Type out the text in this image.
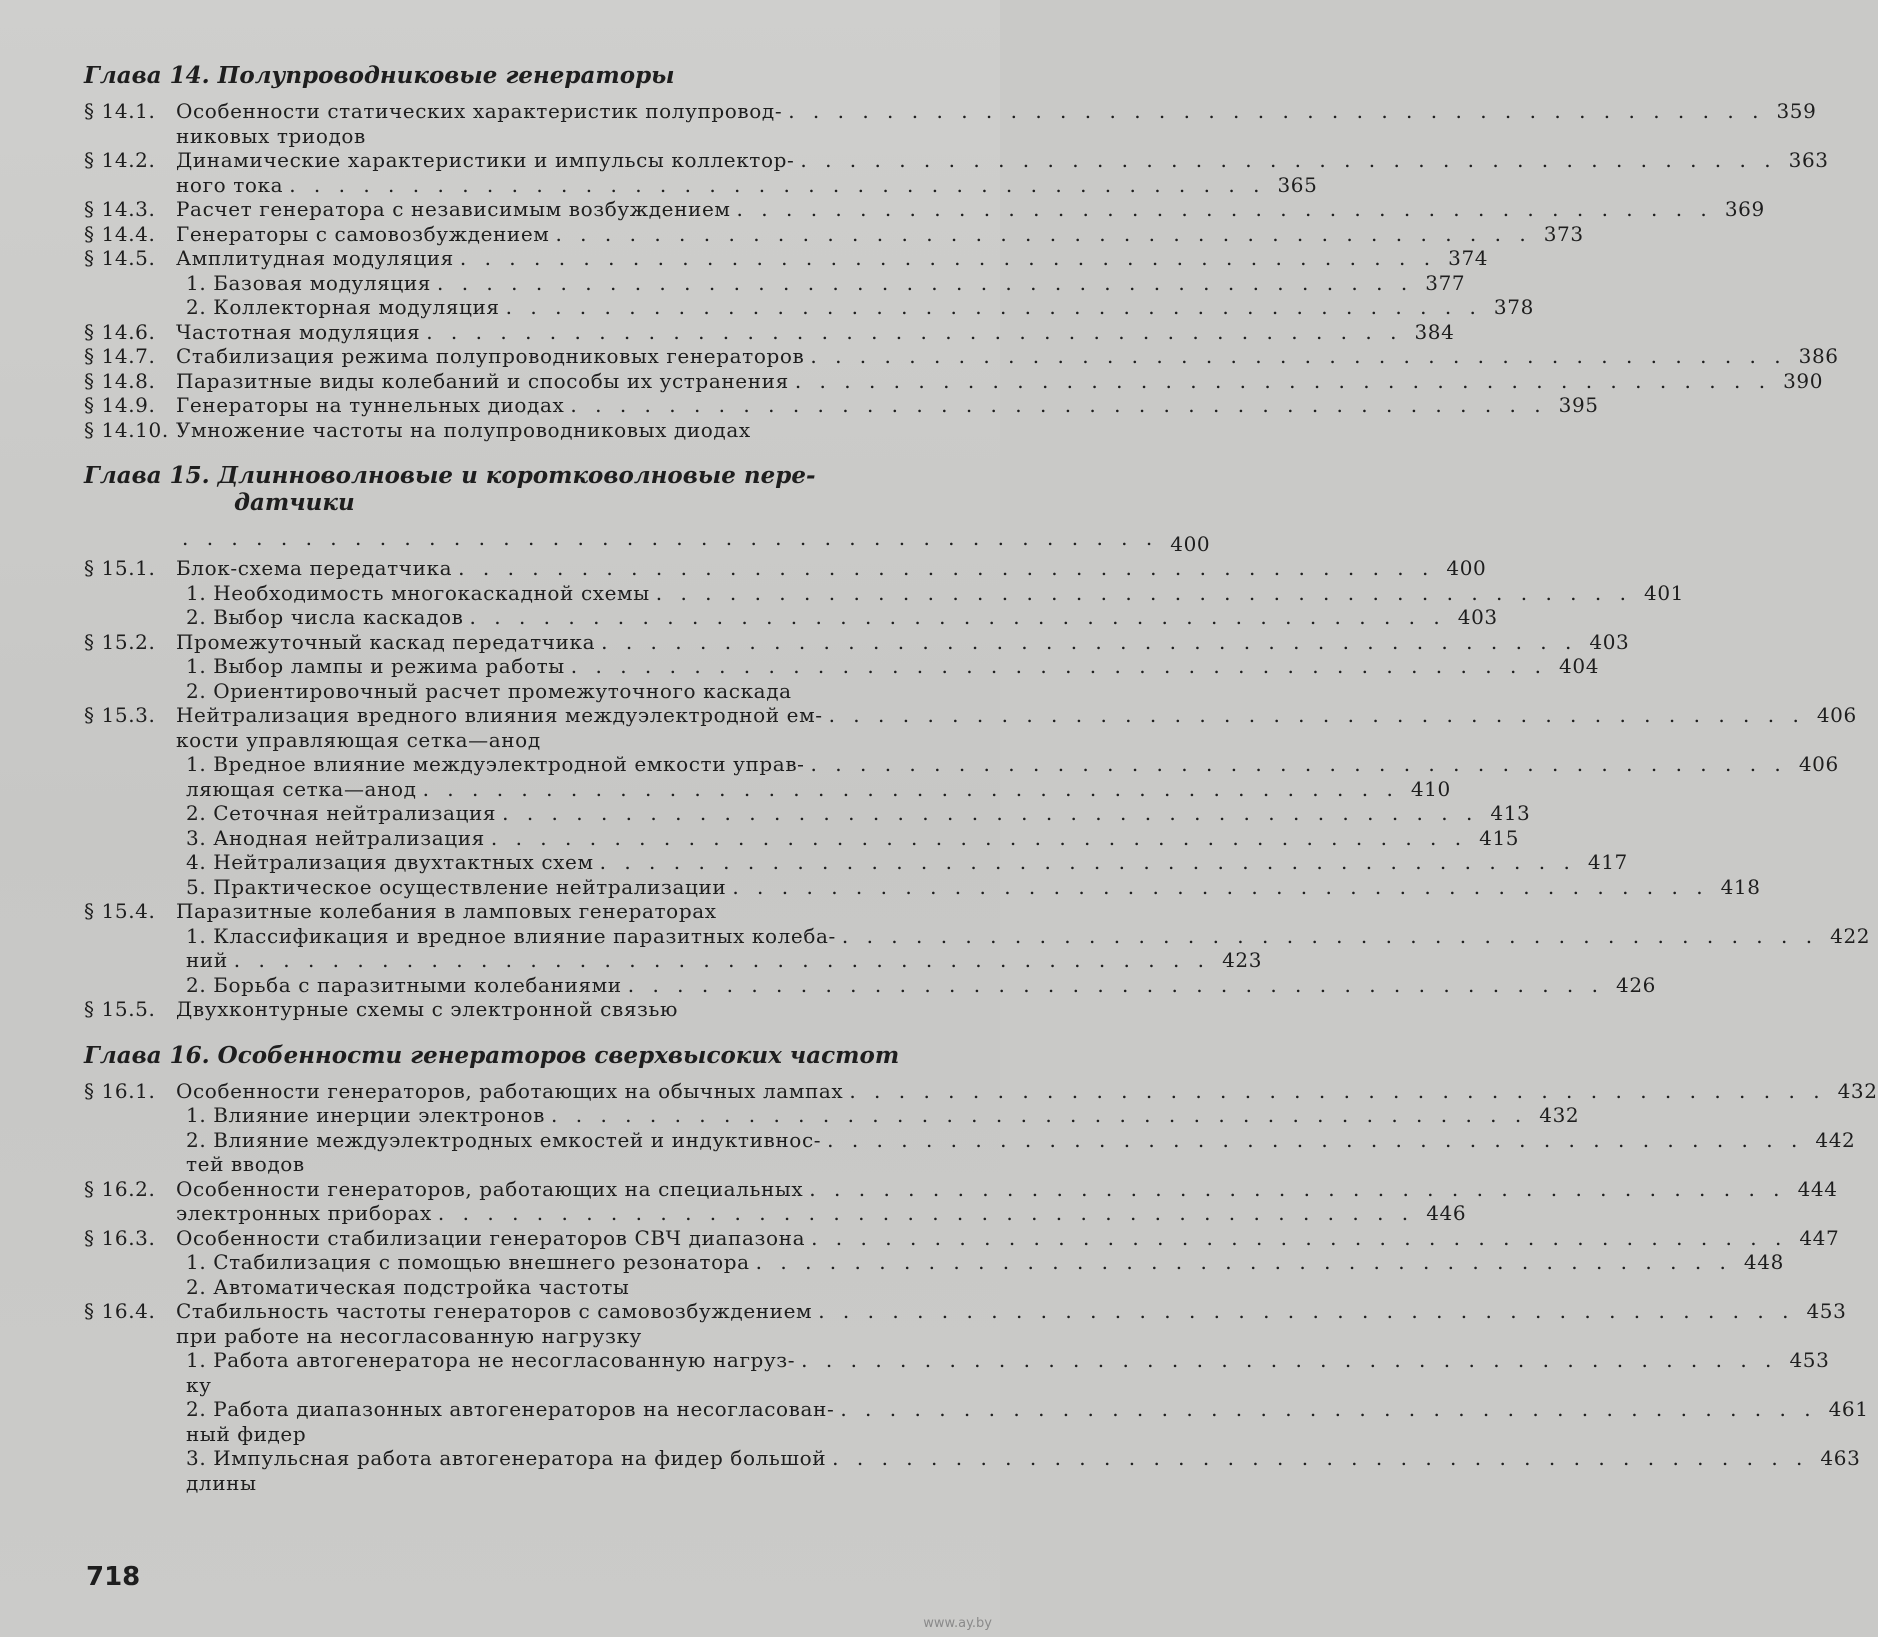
Глава 14. Полупроводниковые генераторы
§ 14.1.	Особенности статических характеристик полупровод- . . . . . . . . . . . . . . . . . . . . . . . . . . . . . . . . . . . . . . . . 359
никовых триодов
§ 14.2.	Динамические характеристики и импульсы коллектор- . . . . . . . . . . . . . . . . . . . . . . . . . . . . . . . . . . . . . . . . 363
ного тока . . . . . . . . . . . . . . . . . . . . . . . . . . . . . . . . . . . . . . . . 365
§ 14.3.	Расчет генератора с независимым возбуждением . . . . . . . . . . . . . . . . . . . . . . . . . . . . . . . . . . . . . . . . 369
§ 14.4.	Генераторы с самовозбуждением . . . . . . . . . . . . . . . . . . . . . . . . . . . . . . . . . . . . . . . . 373
§ 14.5.	Амплитудная модуляция . . . . . . . . . . . . . . . . . . . . . . . . . . . . . . . . . . . . . . . . 374
1. Базовая модуляция . . . . . . . . . . . . . . . . . . . . . . . . . . . . . . . . . . . . . . . . 377
2. Коллекторная модуляция . . . . . . . . . . . . . . . . . . . . . . . . . . . . . . . . . . . . . . . . 378
§ 14.6.	Частотная модуляция . . . . . . . . . . . . . . . . . . . . . . . . . . . . . . . . . . . . . . . . 384
§ 14.7.	Стабилизация режима полупроводниковых генераторов . . . . . . . . . . . . . . . . . . . . . . . . . . . . . . . . . . . . . . . . 386
§ 14.8.	Паразитные виды колебаний и способы их устранения . . . . . . . . . . . . . . . . . . . . . . . . . . . . . . . . . . . . . . . . 390
§ 14.9.	Генераторы на туннельных диодах . . . . . . . . . . . . . . . . . . . . . . . . . . . . . . . . . . . . . . . . 395
§ 14.10. Умножение частоты на полупроводниковых диодах
Глава 15. Длинноволновые и коротковолновые пере-
датчики
. . . . . . . . . . . . . . . . . . . . . . . . . . . . . . . . . . . . . . . . 400
§ 15.1.	Блок-схема передатчика . . . . . . . . . . . . . . . . . . . . . . . . . . . . . . . . . . . . . . . . 400
1. Необходимость многокаскадной схемы . . . . . . . . . . . . . . . . . . . . . . . . . . . . . . . . . . . . . . . . 401
2. Выбор числа каскадов . . . . . . . . . . . . . . . . . . . . . . . . . . . . . . . . . . . . . . . . 403
§ 15.2.	Промежуточный каскад передатчика . . . . . . . . . . . . . . . . . . . . . . . . . . . . . . . . . . . . . . . . 403
1. Выбор лампы и режима работы . . . . . . . . . . . . . . . . . . . . . . . . . . . . . . . . . . . . . . . . 404
2. Ориентировочный расчет промежуточного каскада
§ 15.3.	Нейтрализация вредного влияния междуэлектродной ем- . . . . . . . . . . . . . . . . . . . . . . . . . . . . . . . . . . . . . . . . 406
кости управляющая сетка—анод
1. Вредное влияние междуэлектродной емкости управ- . . . . . . . . . . . . . . . . . . . . . . . . . . . . . . . . . . . . . . . . 406
ляющая сетка—анод . . . . . . . . . . . . . . . . . . . . . . . . . . . . . . . . . . . . . . . . 410
2. Сеточная нейтрализация . . . . . . . . . . . . . . . . . . . . . . . . . . . . . . . . . . . . . . . . 413
3. Анодная нейтрализация . . . . . . . . . . . . . . . . . . . . . . . . . . . . . . . . . . . . . . . . 415
4. Нейтрализация двухтактных схем . . . . . . . . . . . . . . . . . . . . . . . . . . . . . . . . . . . . . . . . 417
5. Практическое осуществление нейтрализации . . . . . . . . . . . . . . . . . . . . . . . . . . . . . . . . . . . . . . . . 418
§ 15.4.	Паразитные колебания в ламповых генераторах
1. Классификация и вредное влияние паразитных колеба- . . . . . . . . . . . . . . . . . . . . . . . . . . . . . . . . . . . . . . . . 422
ний . . . . . . . . . . . . . . . . . . . . . . . . . . . . . . . . . . . . . . . . 423
2. Борьба с паразитными колебаниями . . . . . . . . . . . . . . . . . . . . . . . . . . . . . . . . . . . . . . . . 426
§ 15.5.	Двухконтурные схемы с электронной связью
Глава 16. Особенности генераторов сверхвысоких частот
§ 16.1.	Особенности генераторов, работающих на обычных лампах . . . . . . . . . . . . . . . . . . . . . . . . . . . . . . . . . . . . . . . . 432
1. Влияние инерции электронов . . . . . . . . . . . . . . . . . . . . . . . . . . . . . . . . . . . . . . . . 432
2. Влияние междуэлектродных емкостей и индуктивнос- . . . . . . . . . . . . . . . . . . . . . . . . . . . . . . . . . . . . . . . . 442
тей вводов
§ 16.2.	Особенности генераторов, работающих на специальных . . . . . . . . . . . . . . . . . . . . . . . . . . . . . . . . . . . . . . . . 444
электронных приборах . . . . . . . . . . . . . . . . . . . . . . . . . . . . . . . . . . . . . . . . 446
§ 16.3.	Особенности стабилизации генераторов СВЧ диапазона . . . . . . . . . . . . . . . . . . . . . . . . . . . . . . . . . . . . . . . . 447
1. Стабилизация с помощью внешнего резонатора . . . . . . . . . . . . . . . . . . . . . . . . . . . . . . . . . . . . . . . . 448
2. Автоматическая подстройка частоты
§ 16.4.	Стабильность частоты генераторов с самовозбуждением . . . . . . . . . . . . . . . . . . . . . . . . . . . . . . . . . . . . . . . . 453
при работе на несогласованную нагрузку
1. Работа автогенератора не несогласованную нагруз- . . . . . . . . . . . . . . . . . . . . . . . . . . . . . . . . . . . . . . . . 453
ку
2. Работа диапазонных автогенераторов на несогласован- . . . . . . . . . . . . . . . . . . . . . . . . . . . . . . . . . . . . . . . . 461
ный фидер
3. Импульсная работа автогенератора на фидер большой . . . . . . . . . . . . . . . . . . . . . . . . . . . . . . . . . . . . . . . . 463
длины
718
www.ay.by
